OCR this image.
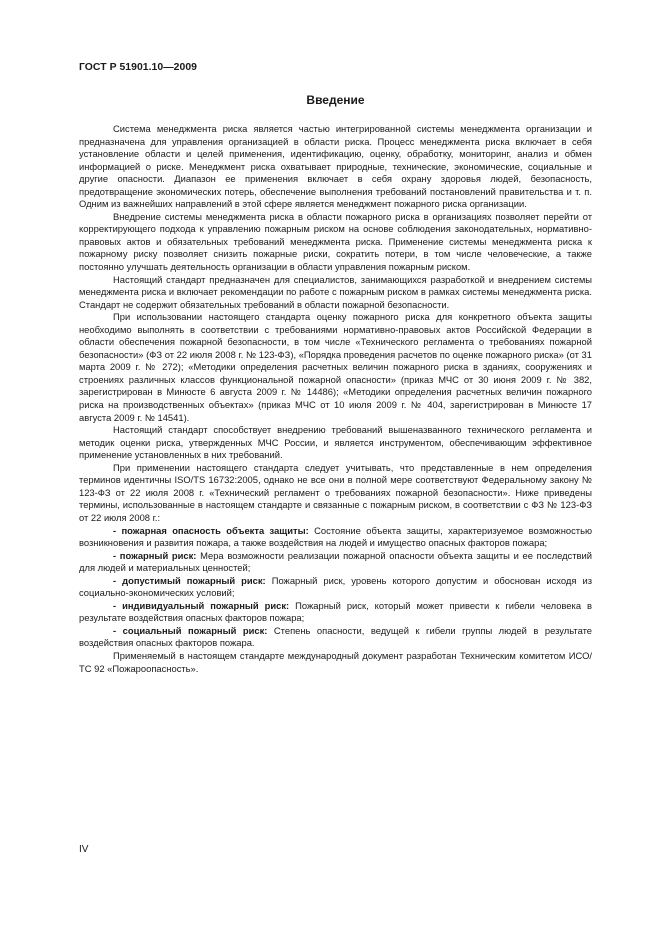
ГОСТ Р 51901.10—2009
Введение

Система менеджмента риска является частью интегрированной системы менеджмента организации и предназначена для управления организацией в области риска. Процесс менеджмента риска включает в себя установление области и целей применения, идентификацию, оценку, обработку, мониторинг, анализ и обмен информацией о риске. Менеджмент риска охватывает природные, технические, экономические, социальные и другие опасности. Диапазон ее применения включает в себя охрану здоровья людей, безопасность, предотвращение экономических потерь, обеспечение выполнения требований постановлений правительства и т. п. Одним из важнейших направлений в этой сфере является менеджмент пожарного риска организации.

Внедрение системы менеджмента риска в области пожарного риска в организациях позволяет перейти от корректирующего подхода к управлению пожарным риском на основе соблюдения законодательных, нормативно-правовых актов и обязательных требований менеджмента риска. Применение системы менеджмента риска к пожарному риску позволяет снизить пожарные риски, сократить потери, в том числе человеческие, а также постоянно улучшать деятельность организации в области управления пожарным риском.

Настоящий стандарт предназначен для специалистов, занимающихся разработкой и внедрением системы менеджмента риска и включает рекомендации по работе с пожарным риском в рамках системы менеджмента риска. Стандарт не содержит обязательных требований в области пожарной безопасности.

При использовании настоящего стандарта оценку пожарного риска для конкретного объекта защиты необходимо выполнять в соответствии с требованиями нормативно-правовых актов Российской Федерации в области обеспечения пожарной безопасности, в том числе «Технического регламента о требованиях пожарной безопасности» (ФЗ от 22 июля 2008 г. № 123-ФЗ), «Порядка проведения расчетов по оценке пожарного риска» (от 31 марта 2009 г. № 272); «Методики определения расчетных величин пожарного риска в зданиях, сооружениях и строениях различных классов функциональной пожарной опасности» (приказ МЧС от 30 июня 2009 г. № 382, зарегистрирован в Минюсте 6 августа 2009 г. № 14486); «Методики определения расчетных величин пожарного риска на производственных объектах» (приказ МЧС от 10 июля 2009 г. № 404, зарегистрирован в Минюсте 17 августа 2009 г. № 14541).

Настоящий стандарт способствует внедрению требований вышеназванного технического регламента и методик оценки риска, утвержденных МЧС России, и является инструментом, обеспечивающим эффективное применение установленных в них требований.

При применении настоящего стандарта следует учитывать, что представленные в нем определения терминов идентичны ISO/TS 16732:2005, однако не все они в полной мере соответствуют Федеральному закону № 123-ФЗ от 22 июля 2008 г. «Технический регламент о требованиях пожарной безопасности». Ниже приведены термины, использованные в настоящем стандарте и связанные с пожарным риском, в соответствии с ФЗ № 123-ФЗ от 22 июля 2008 г.:

- пожарная опасность объекта защиты: Состояние объекта защиты, характеризуемое возможностью возникновения и развития пожара, а также воздействия на людей и имущество опасных факторов пожара;

- пожарный риск: Мера возможности реализации пожарной опасности объекта защиты и ее последствий для людей и материальных ценностей;

- допустимый пожарный риск: Пожарный риск, уровень которого допустим и обоснован исходя из социально-экономических условий;

- индивидуальный пожарный риск: Пожарный риск, который может привести к гибели человека в результате воздействия опасных факторов пожара;

- социальный пожарный риск: Степень опасности, ведущей к гибели группы людей в результате воздействия опасных факторов пожара.

Применяемый в настоящем стандарте международный документ разработан Техническим комитетом ИСО/ТС 92 «Пожароопасность».

IV
